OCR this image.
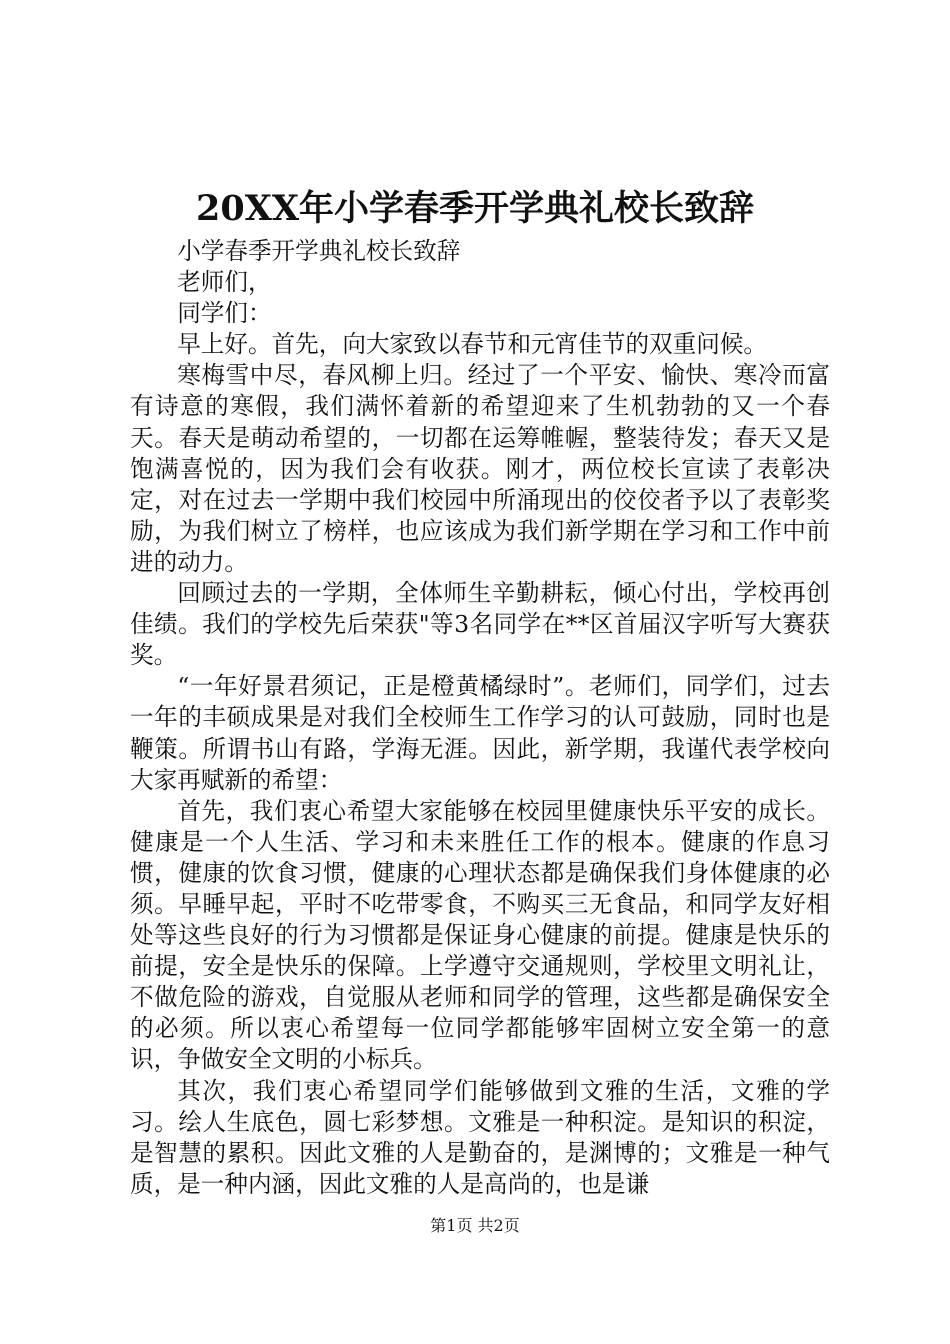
20XX年小学春季开学典礼校长致辞

小学春季开学典礼校长致辞

老师们，

同学们：

早上好。首先，向大家致以春节和元宵佳节的双重问候。

寒梅雪中尽，春风柳上归。经过了一个平安、愉快、寒冷而富有诗意的寒假，我们满怀着新的希望迎来了生机勃勃的又一个春天。春天是萌动希望的，一切都在运筹帷幄，整装待发；春天又是饱满喜悦的，因为我们会有收获。刚才，两位校长宣读了表彰决定，对在过去一学期中我们校园中所涌现出的佼佼者予以了表彰奖励，为我们树立了榜样，也应该成为我们新学期在学习和工作中前进的动力。

回顾过去的一学期，全体师生辛勤耕耘，倾心付出，学校再创佳绩。我们的学校先后荣获"等3名同学在**区首届汉字听写大赛获奖。

“一年好景君须记，正是橙黄橘绿时”。老师们，同学们，过去一年的丰硕成果是对我们全校师生工作学习的认可鼓励，同时也是鞭策。所谓书山有路，学海无涯。因此，新学期，我谨代表学校向大家再赋新的希望：

首先，我们衷心希望大家能够在校园里健康快乐平安的成长。健康是一个人生活、学习和未来胜任工作的根本。健康的作息习惯，健康的饮食习惯，健康的心理状态都是确保我们身体健康的必须。早睡早起，平时不吃带零食，不购买三无食品，和同学友好相处等这些良好的行为习惯都是保证身心健康的前提。健康是快乐的前提，安全是快乐的保障。上学遵守交通规则，学校里文明礼让，不做危险的游戏，自觉服从老师和同学的管理，这些都是确保安全的必须。所以衷心希望每一位同学都能够牢固树立安全第一的意识，争做安全文明的小标兵。

其次，我们衷心希望同学们能够做到文雅的生活，文雅的学习。绘人生底色，圆七彩梦想。文雅是一种积淀。是知识的积淀，是智慧的累积。因此文雅的人是勤奋的，是渊博的；文雅是一种气质，是一种内涵，因此文雅的人是高尚的，也是谦

第1页 共2页
